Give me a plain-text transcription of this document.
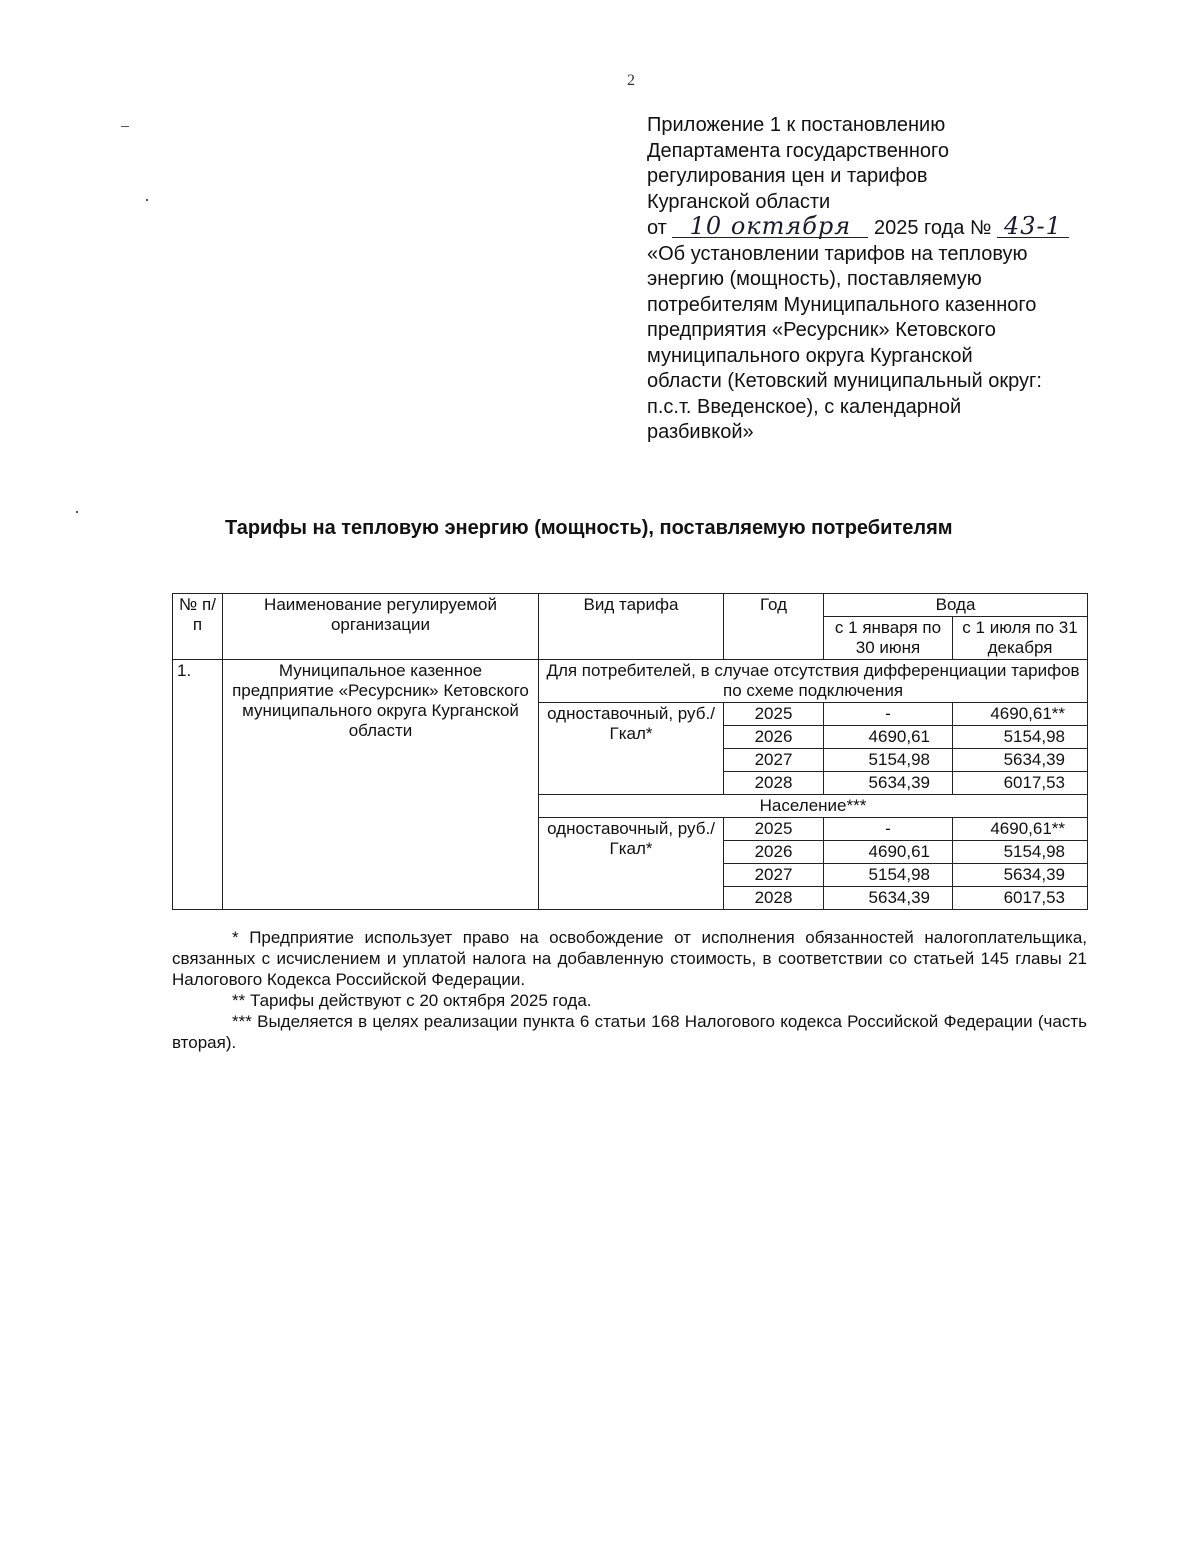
2
Приложение 1 к постановлению
Департамента государственного
регулирования цен и тарифов
Курганской области
от 10 октября 2025 года № 43-1
«Об установлении тарифов на тепловую
энергию (мощность), поставляемую
потребителям Муниципального казенного
предприятия «Ресурсник» Кетовского
муниципального округа Курганской
области (Кетовский муниципальный округ:
п.с.т. Введенское), с календарной
разбивкой»
Тарифы на тепловую энергию (мощность), поставляемую потребителям
№ п/п	Наименование регулируемой организации	Вид тарифа	Год	Вода	
				с 1 января по 30 июня	с 1 июля по 31 декабря
1.	Муниципальное казенное предприятие «Ресурсник» Кетовского муниципального округа Курганской области	Для потребителей, в случае отсутствия дифференциации тарифов по схеме подключения			
		одноставочный, руб./Гкал*	2025	-	4690,61**
			2026	4690,61	5154,98
			2027	5154,98	5634,39
			2028	5634,39	6017,53
		Население***			
		одноставочный, руб./Гкал*	2025	-	4690,61**
			2026	4690,61	5154,98
			2027	5154,98	5634,39
			2028	5634,39	6017,53

* Предприятие использует право на освобождение от исполнения обязанностей налогоплательщика, связанных с исчислением и уплатой налога на добавленную стоимость, в соответствии со статьей 145 главы 21 Налогового Кодекса Российской Федерации.

** Тарифы действуют с 20 октября 2025 года.

*** Выделяется в целях реализации пункта 6 статьи 168 Налогового кодекса Российской Федерации (часть вторая).
